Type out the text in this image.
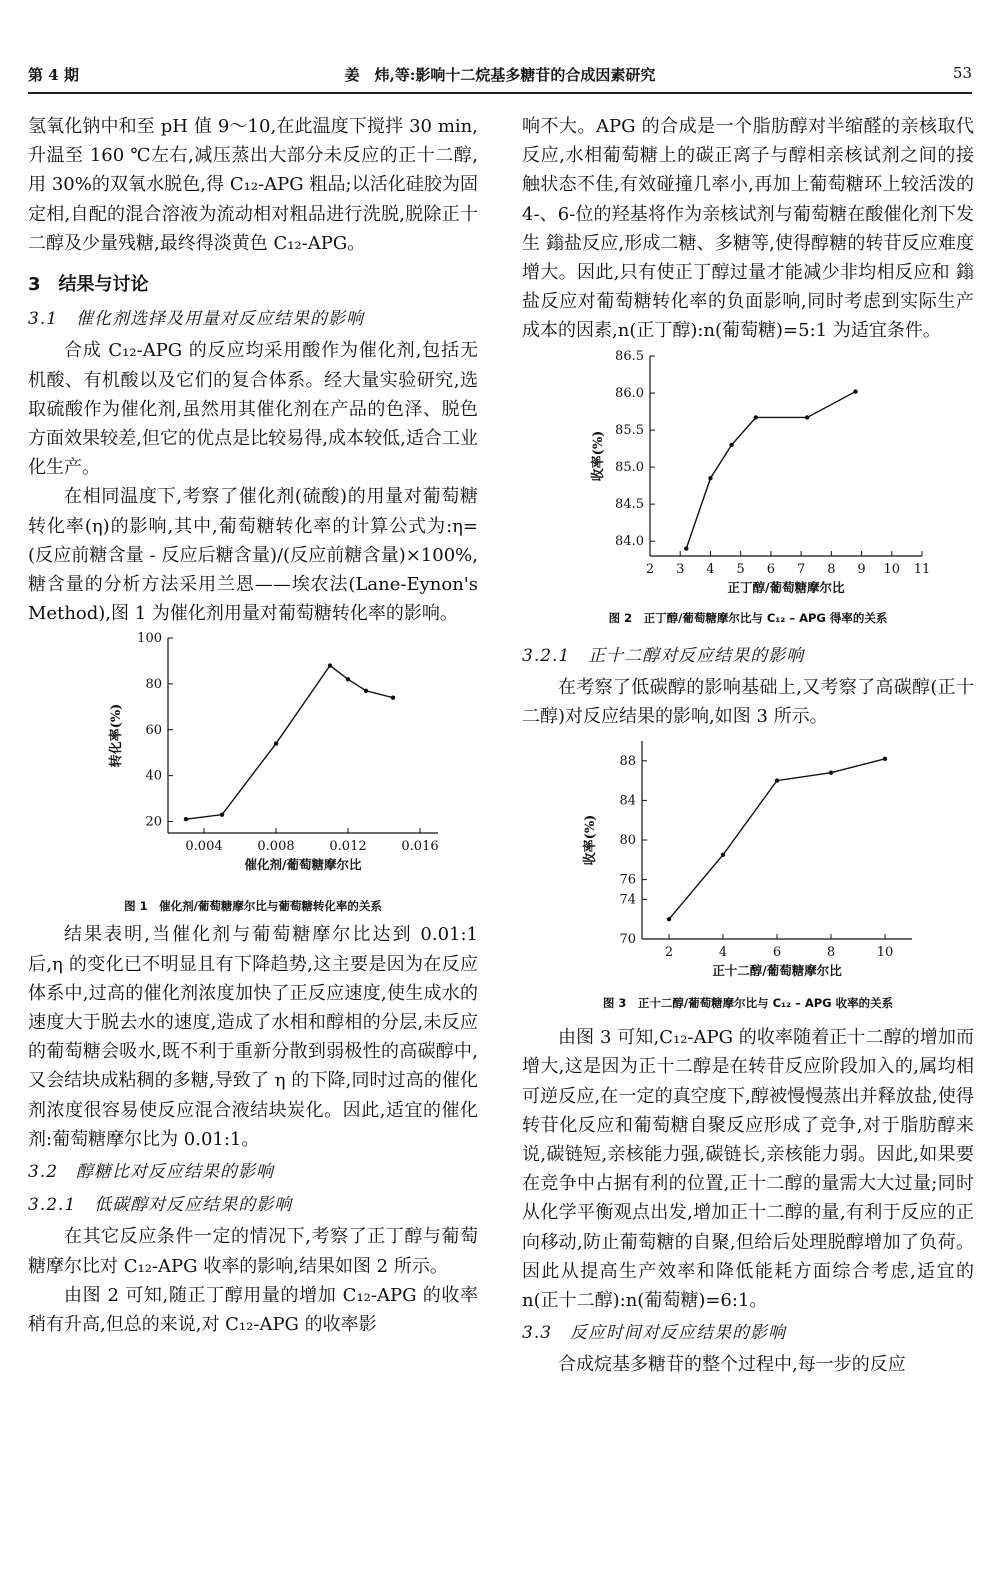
第 4 期	姜　炜,等:影响十二烷基多糖苷的合成因素研究	53

氢氧化钠中和至 pH 值 9～10,在此温度下搅拌 30 min,升温至 160 ℃左右,减压蒸出大部分未反应的正十二醇,用 30%的双氧水脱色,得 C₁₂-APG 粗品;以活化硅胶为固定相,自配的混合溶液为流动相对粗品进行洗脱,脱除正十二醇及少量残糖,最终得淡黄色 C₁₂-APG。

3　结果与讨论
3.1　催化剂选择及用量对反应结果的影响

合成 C₁₂-APG 的反应均采用酸作为催化剂,包括无机酸、有机酸以及它们的复合体系。经大量实验研究,选取硫酸作为催化剂,虽然用其催化剂在产品的色泽、脱色方面效果较差,但它的优点是比较易得,成本较低,适合工业化生产。

在相同温度下,考察了催化剂(硫酸)的用量对葡萄糖转化率(η)的影响,其中,葡萄糖转化率的计算公式为:η=(反应前糖含量 - 反应后糖含量)/(反应前糖含量)×100%,糖含量的分析方法采用兰恩——埃农法(Lane-Eynon's Method),图 1 为催化剂用量对葡萄糖转化率的影响。

20
40
60
80
100
0.004	0.008	0.012	0.016
催化剂/葡萄糖摩尔比
转化率(%)
图 1　催化剂/葡萄糖摩尔比与葡萄糖转化率的关系

结果表明,当催化剂与葡萄糖摩尔比达到 0.01:1 后,η 的变化已不明显且有下降趋势,这主要是因为在反应体系中,过高的催化剂浓度加快了正反应速度,使生成水的速度大于脱去水的速度,造成了水相和醇相的分层,未反应的葡萄糖会吸水,既不利于重新分散到弱极性的高碳醇中,又会结块成粘稠的多糖,导致了 η 的下降,同时过高的催化剂浓度很容易使反应混合液结块炭化。因此,适宜的催化剂:葡萄糖摩尔比为 0.01:1。

3.2　醇糖比对反应结果的影响
3.2.1　低碳醇对反应结果的影响

在其它反应条件一定的情况下,考察了正丁醇与葡萄糖摩尔比对 C₁₂-APG 收率的影响,结果如图 2 所示。

由图 2 可知,随正丁醇用量的增加 C₁₂-APG 的收率稍有升高,但总的来说,对 C₁₂-APG 的收率影

响不大。APG 的合成是一个脂肪醇对半缩醛的亲核取代反应,水相葡萄糖上的碳正离子与醇相亲核试剂之间的接触状态不佳,有效碰撞几率小,再加上葡萄糖环上较活泼的 4-、6-位的羟基将作为亲核试剂与葡萄糖在酸催化剂下发生 鎓盐反应,形成二糖、多糖等,使得醇糖的转苷反应难度增大。因此,只有使正丁醇过量才能减少非均相反应和 鎓盐反应对葡萄糖转化率的负面影响,同时考虑到实际生产成本的因素,n(正丁醇):n(葡萄糖)=5:1 为适宜条件。

84.0
84.5
85.0
85.5
86.0
86.5
2 3 4 5 6 7 8 9 10 11
正丁醇/葡萄糖摩尔比
收率(%)
图 2　正丁醇/葡萄糖摩尔比与 C₁₂ – APG 得率的关系
3.2.1　正十二醇对反应结果的影响

在考察了低碳醇的影响基础上,又考察了高碳醇(正十二醇)对反应结果的影响,如图 3 所示。

70
74
76
80
84
88
2	4	6	8	10
正十二醇/葡萄糖摩尔比
收率(%)
图 3　正十二醇/葡萄糖摩尔比与 C₁₂ – APG 收率的关系

由图 3 可知,C₁₂-APG 的收率随着正十二醇的增加而增大,这是因为正十二醇是在转苷反应阶段加入的,属均相可逆反应,在一定的真空度下,醇被慢慢蒸出并释放盐,使得转苷化反应和葡萄糖自聚反应形成了竞争,对于脂肪醇来说,碳链短,亲核能力强,碳链长,亲核能力弱。因此,如果要在竞争中占据有利的位置,正十二醇的量需大大过量;同时从化学平衡观点出发,增加正十二醇的量,有利于反应的正向移动,防止葡萄糖的自聚,但给后处理脱醇增加了负荷。因此从提高生产效率和降低能耗方面综合考虑,适宜的 n(正十二醇):n(葡萄糖)=6:1。

3.3　反应时间对反应结果的影响

合成烷基多糖苷的整个过程中,每一步的反应
